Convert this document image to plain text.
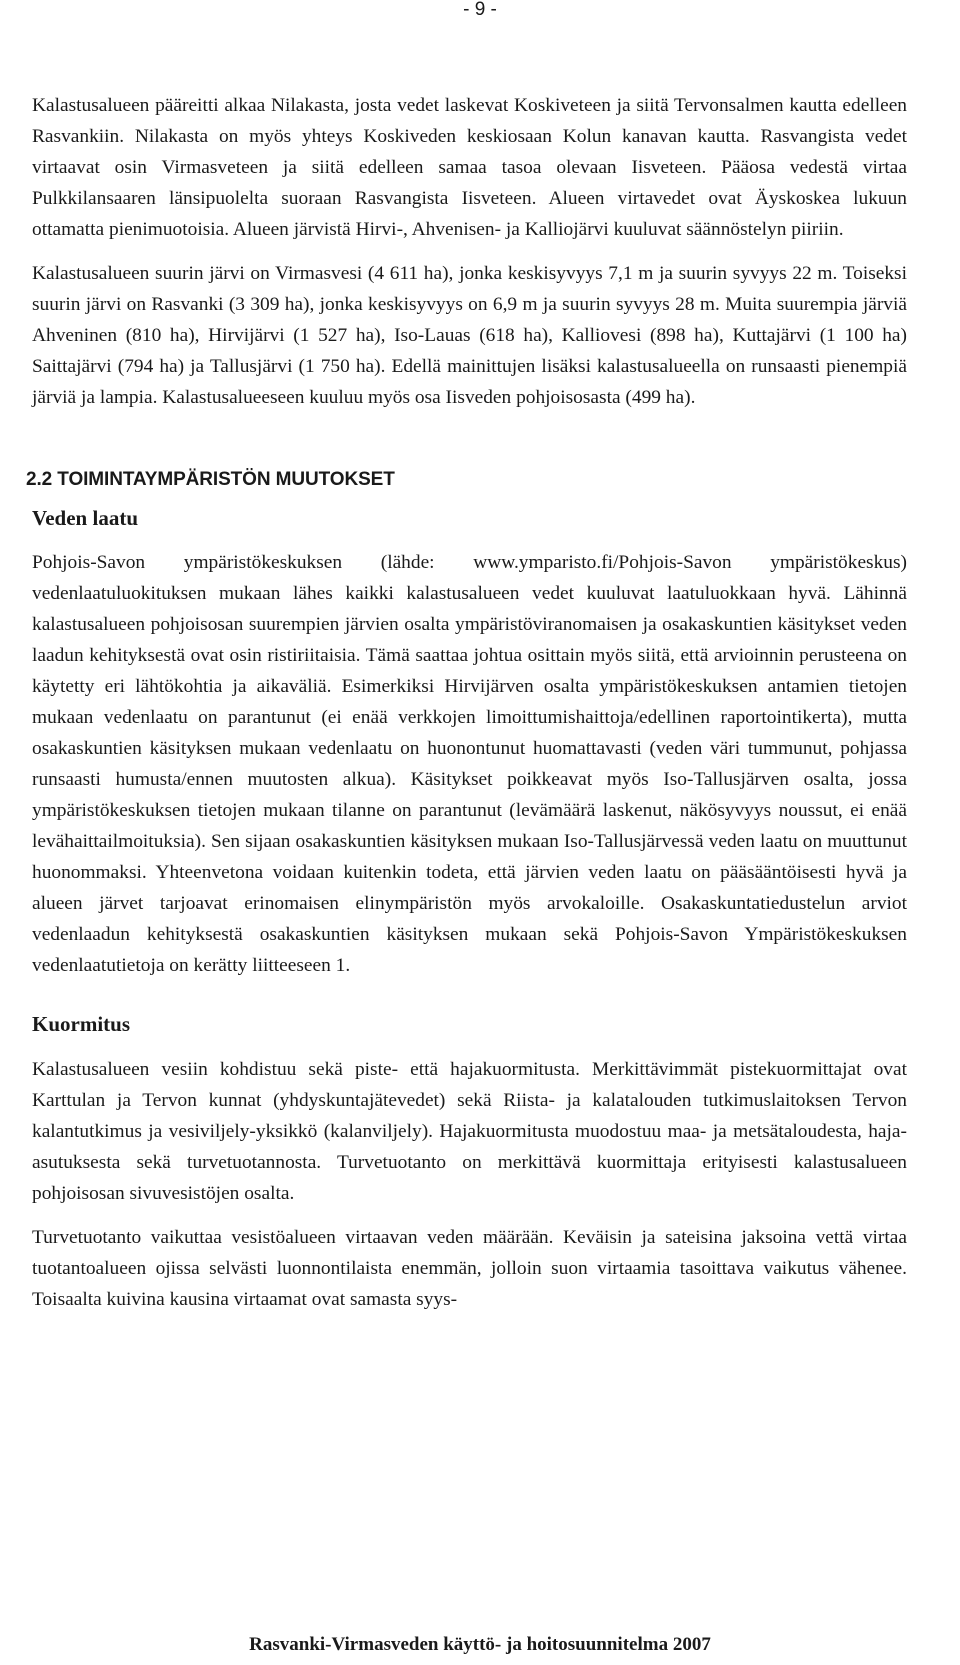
- 9 -

Kalastusalueen pääreitti alkaa Nilakasta, josta vedet laskevat Koskiveteen ja siitä Tervonsalmen kautta edelleen Rasvankiin. Nilakasta on myös yhteys Koskiveden keskiosaan Kolun kanavan kautta. Rasvangista vedet virtaavat osin Virmasveteen ja siitä edelleen samaa tasoa olevaan Iisveteen. Pääosa vedestä virtaa Pulkkilansaaren länsipuolelta suoraan Rasvangista Iisveteen. Alueen virtavedet ovat Äyskoskea lukuun ottamatta pienimuotoisia. Alueen järvistä Hirvi-, Ahvenisen- ja Kalliojärvi kuuluvat säännöstelyn piiriin.

Kalastusalueen suurin järvi on Virmasvesi (4 611 ha), jonka keskisyvyys 7,1 m ja suurin syvyys 22 m. Toiseksi suurin järvi on Rasvanki (3 309 ha), jonka keskisyvyys on 6,9 m ja suurin syvyys 28 m. Muita suurempia järviä Ahveninen (810 ha), Hirvijärvi (1 527 ha), Iso-Lauas (618 ha), Kalliovesi (898 ha), Kuttajärvi (1 100 ha) Saittajärvi (794 ha) ja Tallusjärvi (1 750 ha). Edellä mainittujen lisäksi kalastusalueella on runsaasti pienempiä järviä ja lampia. Kalastusalueeseen kuuluu myös osa Iisveden pohjoisosasta (499 ha).

2.2 TOIMINTAYMPÄRISTÖN MUUTOKSET
Veden laatu

Pohjois-Savon ympäristökeskuksen (lähde: www.ymparisto.fi/Pohjois-Savon ympäristökeskus) vedenlaatuluokituksen mukaan lähes kaikki kalastusalueen vedet kuuluvat laatuluokkaan hyvä. Lähinnä kalastusalueen pohjoisosan suurempien järvien osalta ympäristöviranomaisen ja osakaskuntien käsitykset veden laadun kehityksestä ovat osin ristiriitaisia. Tämä saattaa johtua osittain myös siitä, että arvioinnin perusteena on käytetty eri lähtökohtia ja aikaväliä. Esimerkiksi Hirvijärven osalta ympäristökeskuksen antamien tietojen mukaan vedenlaatu on parantunut (ei enää verkkojen limoittumishaittoja/edellinen raportointikerta), mutta osakaskuntien käsityksen mukaan vedenlaatu on huonontunut huomattavasti (veden väri tummunut, pohjassa runsaasti humusta/ennen muutosten alkua). Käsitykset poikkeavat myös Iso-Tallusjärven osalta, jossa ympäristökeskuksen tietojen mukaan tilanne on parantunut (levämäärä laskenut, näkösyvyys noussut, ei enää levähaittailmoituksia). Sen sijaan osakaskuntien käsityksen mukaan Iso-Tallusjärvessä veden laatu on muuttunut huonommaksi. Yhteenvetona voidaan kuitenkin todeta, että järvien veden laatu on pääsääntöisesti hyvä ja alueen järvet tarjoavat erinomaisen elinympäristön myös arvokaloille. Osakaskuntatiedustelun arviot vedenlaadun kehityksestä osakaskuntien käsityksen mukaan sekä Pohjois-Savon Ympäristökeskuksen vedenlaatutietoja on kerätty liitteeseen 1.

Kuormitus

Kalastusalueen vesiin kohdistuu sekä piste- että hajakuormitusta. Merkittävimmät pistekuormittajat ovat Karttulan ja Tervon kunnat (yhdyskuntajätevedet) sekä Riista- ja kalatalouden tutkimuslaitoksen Tervon kalantutkimus ja vesiviljely-yksikkö (kalanviljely). Hajakuormitusta muodostuu maa- ja metsätaloudesta, haja-asutuksesta sekä turvetuotannosta. Turvetuotanto on merkittävä kuormittaja erityisesti kalastusalueen pohjoisosan sivuvesistöjen osalta.

Turvetuotanto vaikuttaa vesistöalueen virtaavan veden määrään. Keväisin ja sateisina jaksoina vettä virtaa tuotantoalueen ojissa selvästi luonnontilaista enemmän, jolloin suon virtaamia tasoittava vaikutus vähenee. Toisaalta kuivina kausina virtaamat ovat samasta syys-

Rasvanki-Virmasveden käyttö- ja hoitosuunnitelma 2007
